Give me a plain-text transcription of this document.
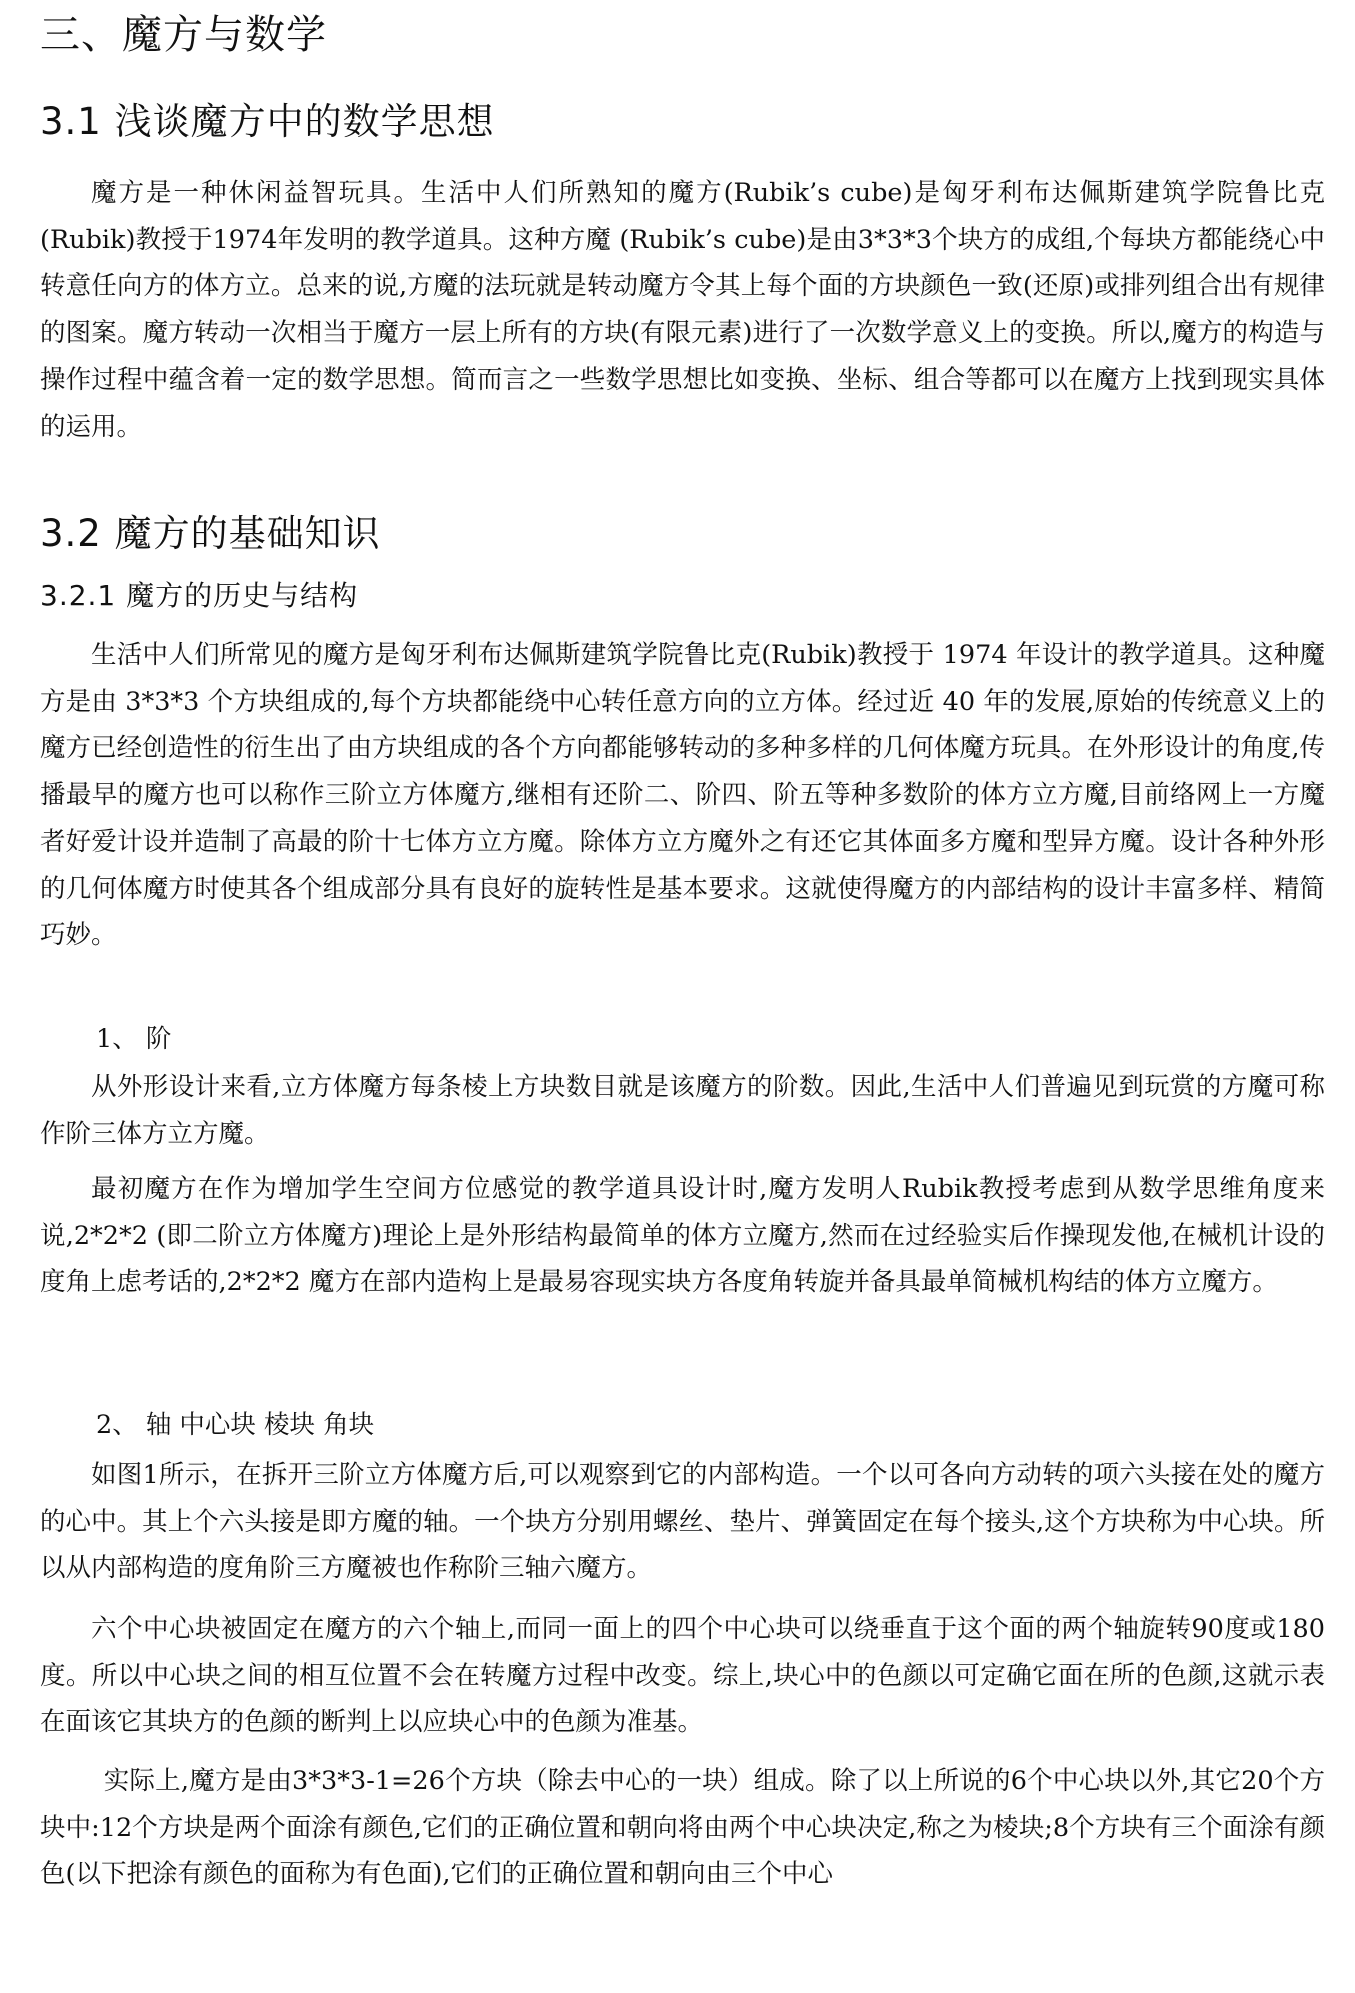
三、魔方与数学
3.1 浅谈魔方中的数学思想

魔方是一种休闲益智玩具。生活中人们所熟知的魔方(Rubik’s cube)是匈牙利布达佩斯建筑学院鲁比克(Rubik)教授于1974年发明的教学道具。这种方魔 (Rubik’s cube)是由3*3*3个块方的成组,个每块方都能绕心中转意任向方的体方立。总来的说,方魔的法玩就是转动魔方令其上每个面的方块颜色一致(还原)或排列组合出有规律的图案。魔方转动一次相当于魔方一层上所有的方块(有限元素)进行了一次数学意义上的变换。所以,魔方的构造与操作过程中蕴含着一定的数学思想。简而言之一些数学思想比如变换、坐标、组合等都可以在魔方上找到现实具体的运用。

3.2 魔方的基础知识
3.2.1 魔方的历史与结构

生活中人们所常见的魔方是匈牙利布达佩斯建筑学院鲁比克(Rubik)教授于 1974 年设计的教学道具。这种魔方是由 3*3*3 个方块组成的,每个方块都能绕中心转任意方向的立方体。经过近 40 年的发展,原始的传统意义上的魔方已经创造性的衍生出了由方块组成的各个方向都能够转动的多种多样的几何体魔方玩具。在外形设计的角度,传播最早的魔方也可以称作三阶立方体魔方,继相有还阶二、阶四、阶五等种多数阶的体方立方魔,目前络网上一方魔者好爱计设并造制了高最的阶十七体方立方魔。除体方立方魔外之有还它其体面多方魔和型异方魔。设计各种外形的几何体魔方时使其各个组成部分具有良好的旋转性是基本要求。这就使得魔方的内部结构的设计丰富多样、精简巧妙。

1、 阶

从外形设计来看,立方体魔方每条棱上方块数目就是该魔方的阶数。因此,生活中人们普遍见到玩赏的方魔可称作阶三体方立方魔。

最初魔方在作为增加学生空间方位感觉的教学道具设计时,魔方发明人Rubik教授考虑到从数学思维角度来说,2*2*2 (即二阶立方体魔方)理论上是外形结构最简单的体方立魔方,然而在过经验实后作操现发他,在械机计设的度角上虑考话的,2*2*2 魔方在部内造构上是最易容现实块方各度角转旋并备具最单简械机构结的体方立魔方。

2、 轴 中心块 棱块 角块

如图1所示，在拆开三阶立方体魔方后,可以观察到它的内部构造。一个以可各向方动转的项六头接在处的魔方的心中。其上个六头接是即方魔的轴。一个块方分别用螺丝、垫片、弹簧固定在每个接头,这个方块称为中心块。所以从内部构造的度角阶三方魔被也作称阶三轴六魔方。

六个中心块被固定在魔方的六个轴上,而同一面上的四个中心块可以绕垂直于这个面的两个轴旋转90度或180度。所以中心块之间的相互位置不会在转魔方过程中改变。综上,块心中的色颜以可定确它面在所的色颜,这就示表在面该它其块方的色颜的断判上以应块心中的色颜为准基。

实际上,魔方是由3*3*3-1=26个方块（除去中心的一块）组成。除了以上所说的6个中心块以外,其它20个方块中:12个方块是两个面涂有颜色,它们的正确位置和朝向将由两个中心块决定,称之为棱块;8个方块有三个面涂有颜色(以下把涂有颜色的面称为有色面),它们的正确位置和朝向由三个中心
